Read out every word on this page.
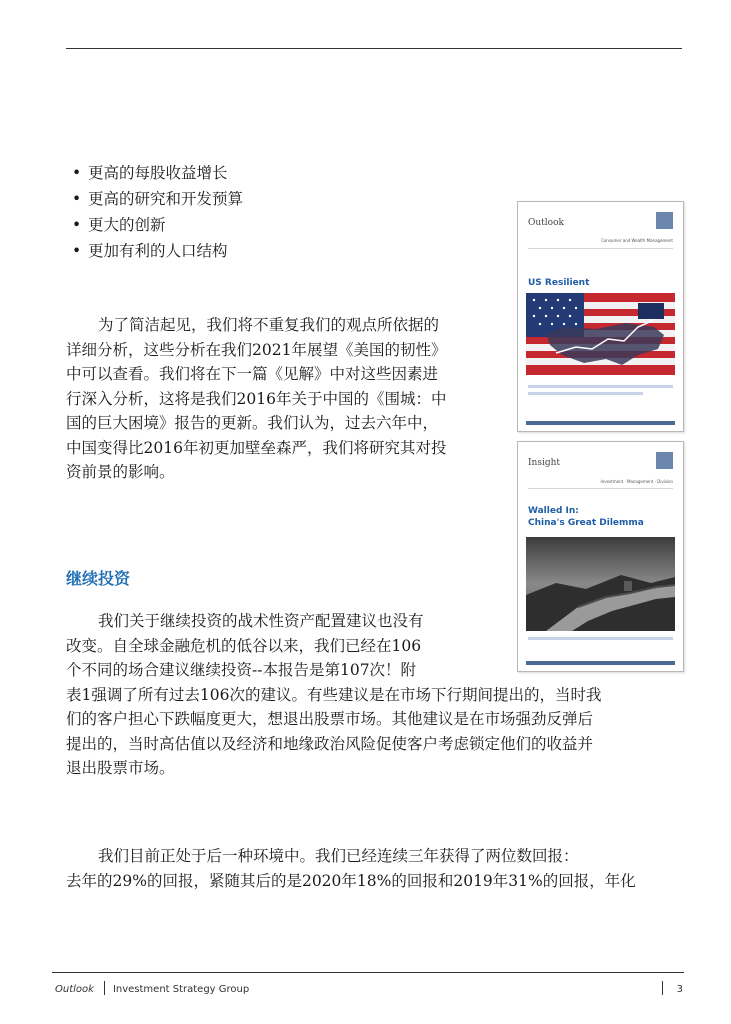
• 更高的每股收益增长
• 更高的研究和开发预算
• 更大的创新
• 更加有利的人口结构
为了简洁起见，我们将不重复我们的观点所依据的
详细分析，这些分析在我们2021年展望《美国的韧性》
中可以查看。我们将在下一篇《见解》中对这些因素进
行深入分析，这将是我们2016年关于中国的《围城：中
国的巨大困境》报告的更新。我们认为，过去六年中，
中国变得比2016年初更加壁垒森严，我们将研究其对投
资前景的影响。
继续投资
我们关于继续投资的战术性资产配置建议也没有
改变。自全球金融危机的低谷以来，我们已经在106
个不同的场合建议继续投资--本报告是第107次！附
表1强调了所有过去106次的建议。有些建议是在市场下行期间提出的，当时我
们的客户担心下跌幅度更大，想退出股票市场。其他建议是在市场强劲反弹后
提出的，当时高估值以及经济和地缘政治风险促使客户考虑锁定他们的收益并
退出股票市场。
我们目前正处于后一种环境中。我们已经连续三年获得了两位数回报：
去年的29%的回报，紧随其后的是2020年18%的回报和2019年31%的回报，年化
Outlook
Consumer and Wealth Management
US Resilient
Insight
Investment · Management · Division
Walled In:
China's Great Dilemma
Outlook Investment Strategy Group	3
